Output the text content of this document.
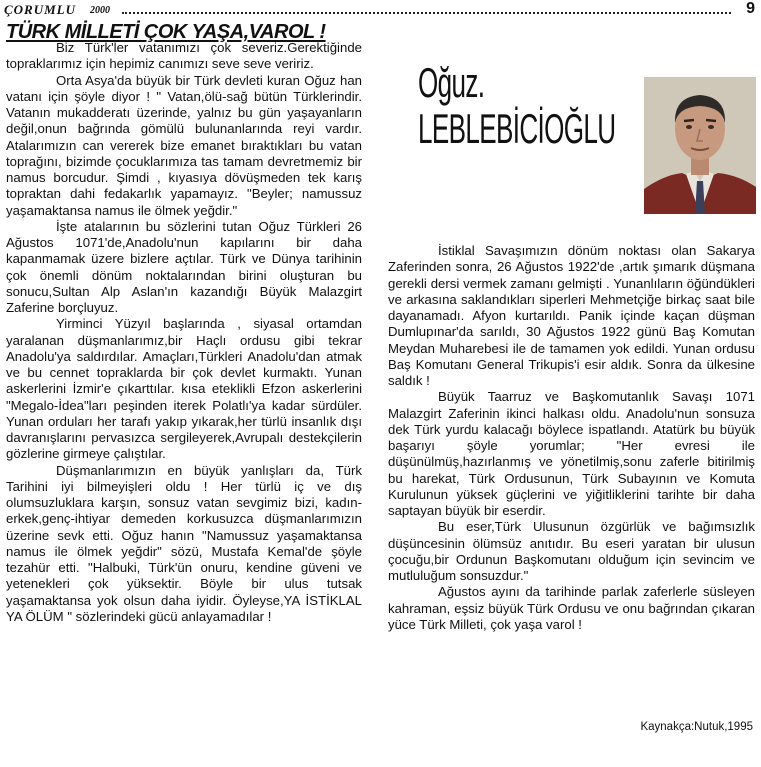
ÇORUMLU 2000	9
TÜRK MİLLETİ ÇOK YAŞA,VAROL !
Oğuz.
LEBLEBİCİOĞLU

Biz Türk'ler vatanımızı çok severiz.Gerektiğinde topraklarımız için hepimiz canımızı seve seve veririz.

Orta Asya'da büyük bir Türk devleti kuran Oğuz han vatanı için şöyle diyor ! " Vatan,ölü-sağ bütün Türklerindir. Vatanın mukadderatı üzerinde, yalnız bu gün yaşayanların değil,onun bağrında gömülü bulunanlarında reyi vardır. Atalarımızın can vererek bize emanet bıraktıkları bu vatan toprağını, bizimde çocuklarımıza tas tamam devretmemiz bir namus borcudur. Şimdi , kıyasıya dövüşmeden tek karış topraktan dahi fedakarlık yapamayız. "Beyler; namussuz yaşamaktansa namus ile ölmek yeğdir."

İşte atalarının bu sözlerini tutan Oğuz Türkleri 26 Ağustos 1071'de,Anadolu'nun kapılarını bir daha kapanmamak üzere bizlere açtılar. Türk ve Dünya tarihinin çok önemli dönüm noktalarından birini oluşturan bu sonucu,Sultan Alp Aslan'ın kazandığı Büyük Malazgirt Zaferine borçluyuz.

Yirminci Yüzyıl başlarında , siyasal ortamdan yaralanan düşmanlarımız,bir Haçlı ordusu gibi tekrar Anadolu'ya saldırdılar. Amaçları,Türkleri Anadolu'dan atmak ve bu cennet topraklarda bir çok devlet kurmaktı. Yunan askerlerini İzmir'e çıkarttılar. kısa eteklikli Efzon askerlerini "Megalo-İdea"ları peşinden iterek Polatlı'ya kadar sürdüler. Yunan orduları her tarafı yakıp yıkarak,her türlü insanlık dışı davranışlarını pervasızca sergileyerek,Avrupalı destekçilerin gözlerine girmeye çalıştılar.

Düşmanlarımızın en büyük yanlışları da, Türk Tarihini iyi bilmeyişleri oldu ! Her türlü iç ve dış olumsuzluklara karşın, sonsuz vatan sevgimiz bizi, kadın-erkek,genç-ihtiyar demeden korkusuzca düşmanlarımızın üzerine sevk etti. Oğuz hanın "Namussuz yaşamaktansa namus ile ölmek yeğdir" sözü, Mustafa Kemal'de şöyle tezahür etti. "Halbuki, Türk'ün onuru, kendine güveni ve yetenekleri çok yüksektir. Böyle bir ulus tutsak yaşamaktansa yok olsun daha iyidir. Öyleyse,YA İSTİKLAL YA ÖLÜM " sözlerindeki gücü anlayamadılar !

İstiklal Savaşımızın dönüm noktası olan Sakarya Zaferinden sonra, 26 Ağustos 1922'de ,artık şımarık düşmana gerekli dersi vermek zamanı gelmişti . Yunanlıların öğündükleri ve arkasına saklandıkları siperleri Mehmetçiğe birkaç saat bile dayanamadı. Afyon kurtarıldı. Panik içinde kaçan düşman Dumlupınar'da sarıldı, 30 Ağustos 1922 günü Baş Komutan Meydan Muharebesi ile de tamamen yok edildi. Yunan ordusu Baş Komutanı General Trikupis'i esir aldık. Sonra da ülkesine saldık !

Büyük Taarruz ve Başkomutanlık Savaşı 1071 Malazgirt Zaferinin ikinci halkası oldu. Anadolu'nun sonsuza dek Türk yurdu kalacağı böylece ispatlandı. Atatürk bu büyük başarıyı şöyle yorumlar; "Her evresi ile düşünülmüş,hazırlanmış ve yönetilmiş,sonu zaferle bitirilmiş bu harekat, Türk Ordusunun, Türk Subayının ve Komuta Kurulunun yüksek güçlerini ve yiğitliklerini tarihte bir daha saptayan büyük bir eserdir.

Bu eser,Türk Ulusunun özgürlük ve bağımsızlık düşüncesinin ölümsüz anıtıdır. Bu eseri yaratan bir ulusun çocuğu,bir Ordunun Başkomutanı olduğum için sevincim ve mutluluğum sonsuzdur."

Ağustos ayını da tarihinde parlak zaferlerle süsleyen kahraman, eşsiz büyük Türk Ordusu ve onu bağrından çıkaran yüce Türk Milleti, çok yaşa varol !

Kaynakça:Nutuk,1995
